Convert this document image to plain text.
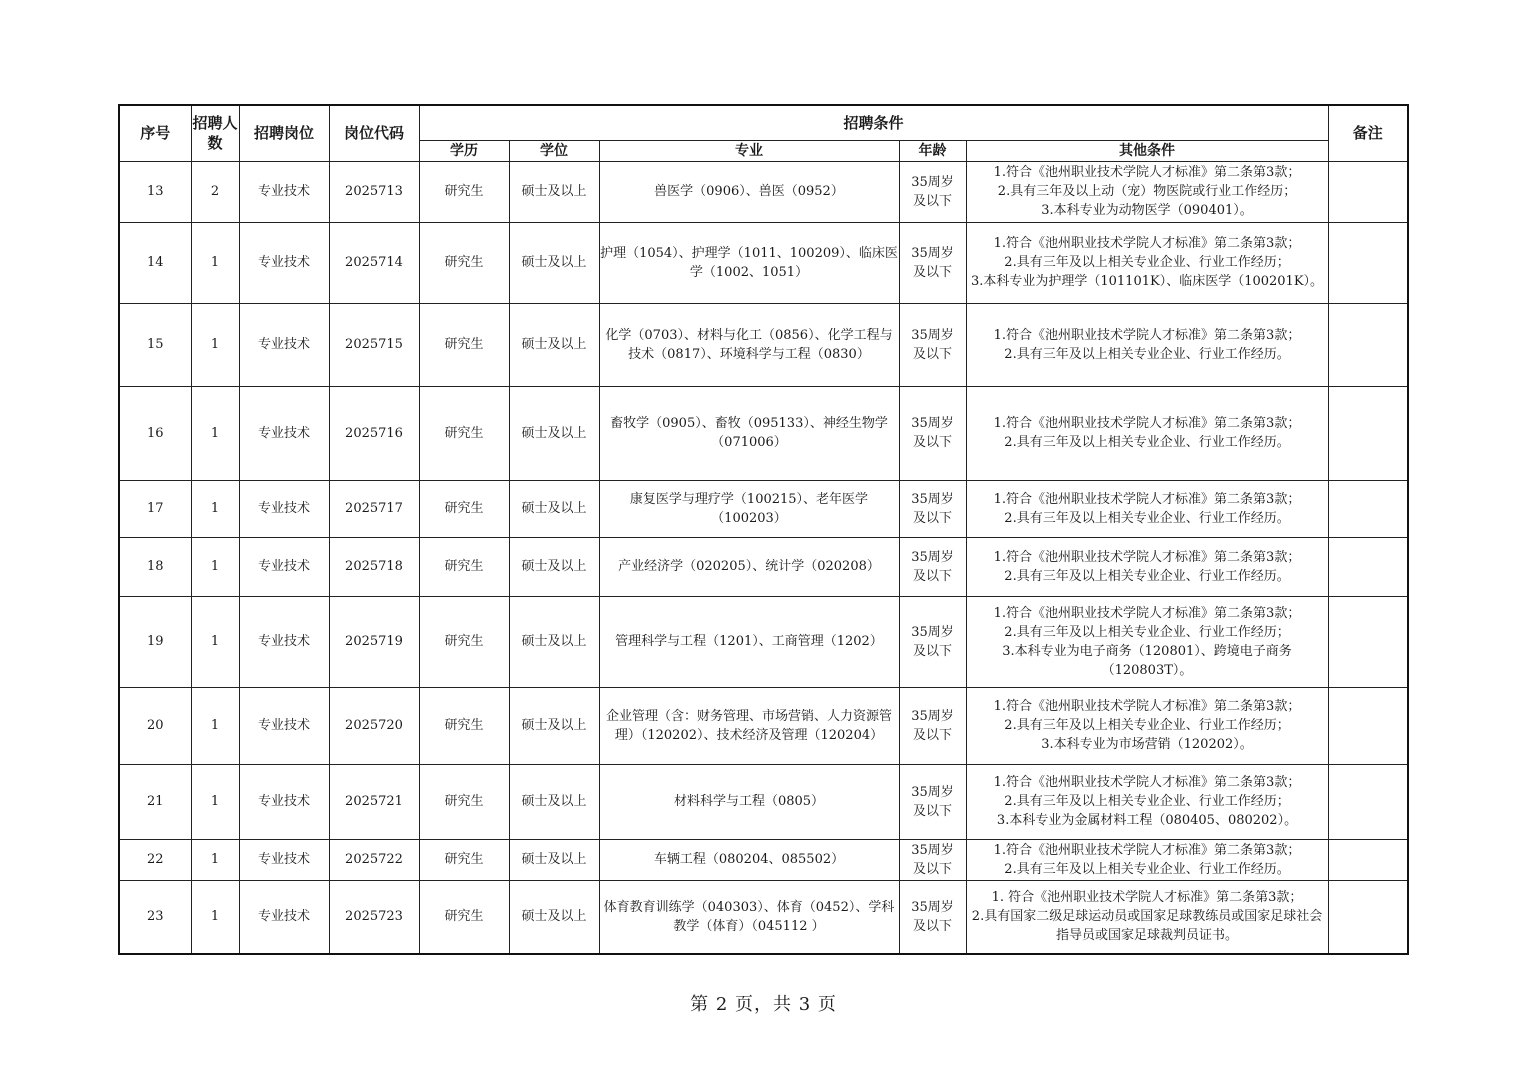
序号	招聘人数	招聘岗位	岗位代码	招聘条件					备注
				学历	学位	专业	年龄	其他条件	
13	2	专业技术	2025713	研究生	硕士及以上	兽医学（0906）、兽医（0952）	35周岁
及以下	1.符合《池州职业技术学院人才标准》第二条第3款；
2.具有三年及以上动（宠）物医院或行业工作经历；
3.本科专业为动物医学（090401）。	

14	1	专业技术	2025714	研究生	硕士及以上	护理（1054）、护理学（1011、100209）、临床医学（1002、1051）	35周岁
及以下	1.符合《池州职业技术学院人才标准》第二条第3款；
2.具有三年及以上相关专业企业、行业工作经历；
3.本科专业为护理学（101101K）、临床医学（100201K）。	

15	1	专业技术	2025715	研究生	硕士及以上	化学（0703）、材料与化工（0856）、化学工程与技术（0817）、环境科学与工程（0830）	35周岁
及以下	1.符合《池州职业技术学院人才标准》第二条第3款；
2.具有三年及以上相关专业企业、行业工作经历。	

16	1	专业技术	2025716	研究生	硕士及以上	畜牧学（0905）、畜牧（095133）、神经生物学（071006）	35周岁
及以下	1.符合《池州职业技术学院人才标准》第二条第3款；
2.具有三年及以上相关专业企业、行业工作经历。	

17	1	专业技术	2025717	研究生	硕士及以上	康复医学与理疗学（100215）、老年医学（100203）	35周岁
及以下	1.符合《池州职业技术学院人才标准》第二条第3款；
2.具有三年及以上相关专业企业、行业工作经历。	

18	1	专业技术	2025718	研究生	硕士及以上	产业经济学（020205）、统计学（020208）	35周岁
及以下	1.符合《池州职业技术学院人才标准》第二条第3款；
2.具有三年及以上相关专业企业、行业工作经历。	

19	1	专业技术	2025719	研究生	硕士及以上	管理科学与工程（1201）、工商管理（1202）	35周岁
及以下	1.符合《池州职业技术学院人才标准》第二条第3款；
2.具有三年及以上相关专业企业、行业工作经历；
3.本科专业为电子商务（120801）、跨境电子商务（120803T）。	

20	1	专业技术	2025720	研究生	硕士及以上	企业管理（含：财务管理、市场营销、人力资源管理）（120202）、技术经济及管理（120204）	35周岁
及以下	1.符合《池州职业技术学院人才标准》第二条第3款；
2.具有三年及以上相关专业企业、行业工作经历；
3.本科专业为市场营销（120202）。	

21	1	专业技术	2025721	研究生	硕士及以上	材料科学与工程（0805）	35周岁
及以下	1.符合《池州职业技术学院人才标准》第二条第3款；
2.具有三年及以上相关专业企业、行业工作经历；
3.本科专业为金属材料工程（080405、080202）。	

22	1	专业技术	2025722	研究生	硕士及以上	车辆工程（080204、085502）	35周岁
及以下	1.符合《池州职业技术学院人才标准》第二条第3款；
2.具有三年及以上相关专业企业、行业工作经历。	

23	1	专业技术	2025723	研究生	硕士及以上	体育教育训练学（040303）、体育（0452）、学科教学（体育）（045112 ）	35周岁
及以下	1. 符合《池州职业技术学院人才标准》第二条第3款；
2.具有国家二级足球运动员或国家足球教练员或国家足球社会指导员或国家足球裁判员证书。	

第 2 页，共 3 页
